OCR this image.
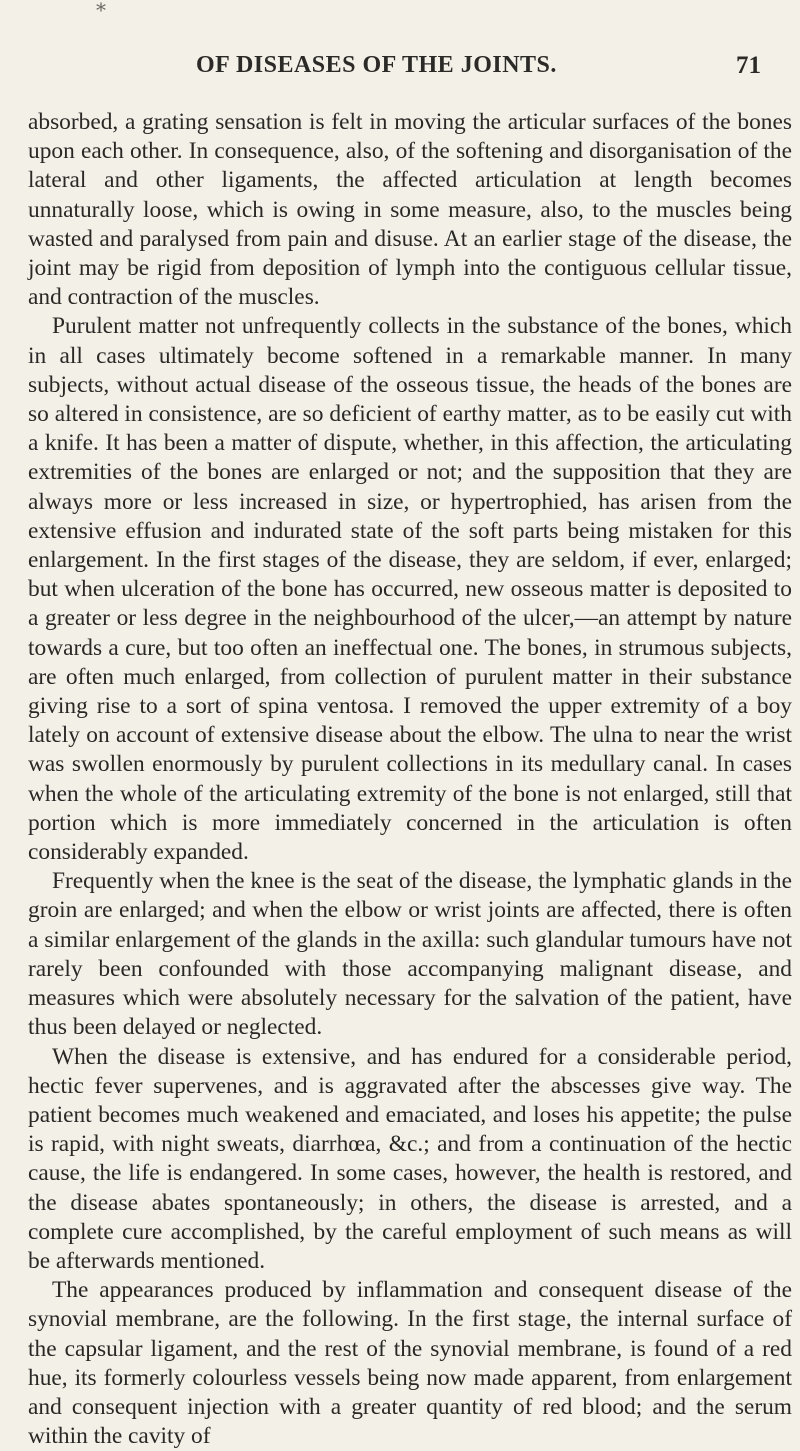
*
OF DISEASES OF THE JOINTS.	71

absorbed, a grating sensation is felt in moving the articular surfaces of the bones upon each other. In consequence, also, of the softening and disorganisation of the lateral and other ligaments, the affected articulation at length becomes unnaturally loose, which is owing in some measure, also, to the muscles being wasted and paralysed from pain and disuse. At an earlier stage of the disease, the joint may be rigid from deposition of lymph into the contiguous cellular tissue, and contraction of the muscles.

Purulent matter not unfrequently collects in the substance of the bones, which in all cases ultimately become softened in a remarkable manner. In many subjects, without actual disease of the osseous tissue, the heads of the bones are so altered in consistence, are so deficient of earthy matter, as to be easily cut with a knife. It has been a matter of dispute, whether, in this affection, the articulating extremities of the bones are enlarged or not; and the supposition that they are always more or less increased in size, or hypertrophied, has arisen from the extensive effusion and indurated state of the soft parts being mistaken for this enlargement. In the first stages of the disease, they are seldom, if ever, enlarged; but when ulceration of the bone has occurred, new osseous matter is deposited to a greater or less degree in the neighbourhood of the ulcer,—an attempt by nature towards a cure, but too often an ineffectual one. The bones, in strumous subjects, are often much enlarged, from collection of purulent matter in their substance giving rise to a sort of spina ventosa. I removed the upper extremity of a boy lately on account of extensive disease about the elbow. The ulna to near the wrist was swollen enormously by purulent collections in its medullary canal. In cases when the whole of the articulating extremity of the bone is not enlarged, still that portion which is more immediately concerned in the articulation is often considerably expanded.

Frequently when the knee is the seat of the disease, the lymphatic glands in the groin are enlarged; and when the elbow or wrist joints are affected, there is often a similar enlargement of the glands in the axilla: such glandular tumours have not rarely been confounded with those accompanying malignant disease, and measures which were absolutely necessary for the salvation of the patient, have thus been delayed or neglected.

When the disease is extensive, and has endured for a considerable period, hectic fever supervenes, and is aggravated after the abscesses give way. The patient becomes much weakened and emaciated, and loses his appetite; the pulse is rapid, with night sweats, diarrhœa, &c.; and from a continuation of the hectic cause, the life is endangered. In some cases, however, the health is restored, and the disease abates spontaneously; in others, the disease is arrested, and a complete cure accomplished, by the careful employment of such means as will be afterwards mentioned.

The appearances produced by inflammation and consequent disease of the synovial membrane, are the following. In the first stage, the internal surface of the capsular ligament, and the rest of the synovial membrane, is found of a red hue, its formerly colourless vessels being now made apparent, from enlargement and consequent injection with a greater quantity of red blood; and the serum within the cavity of
